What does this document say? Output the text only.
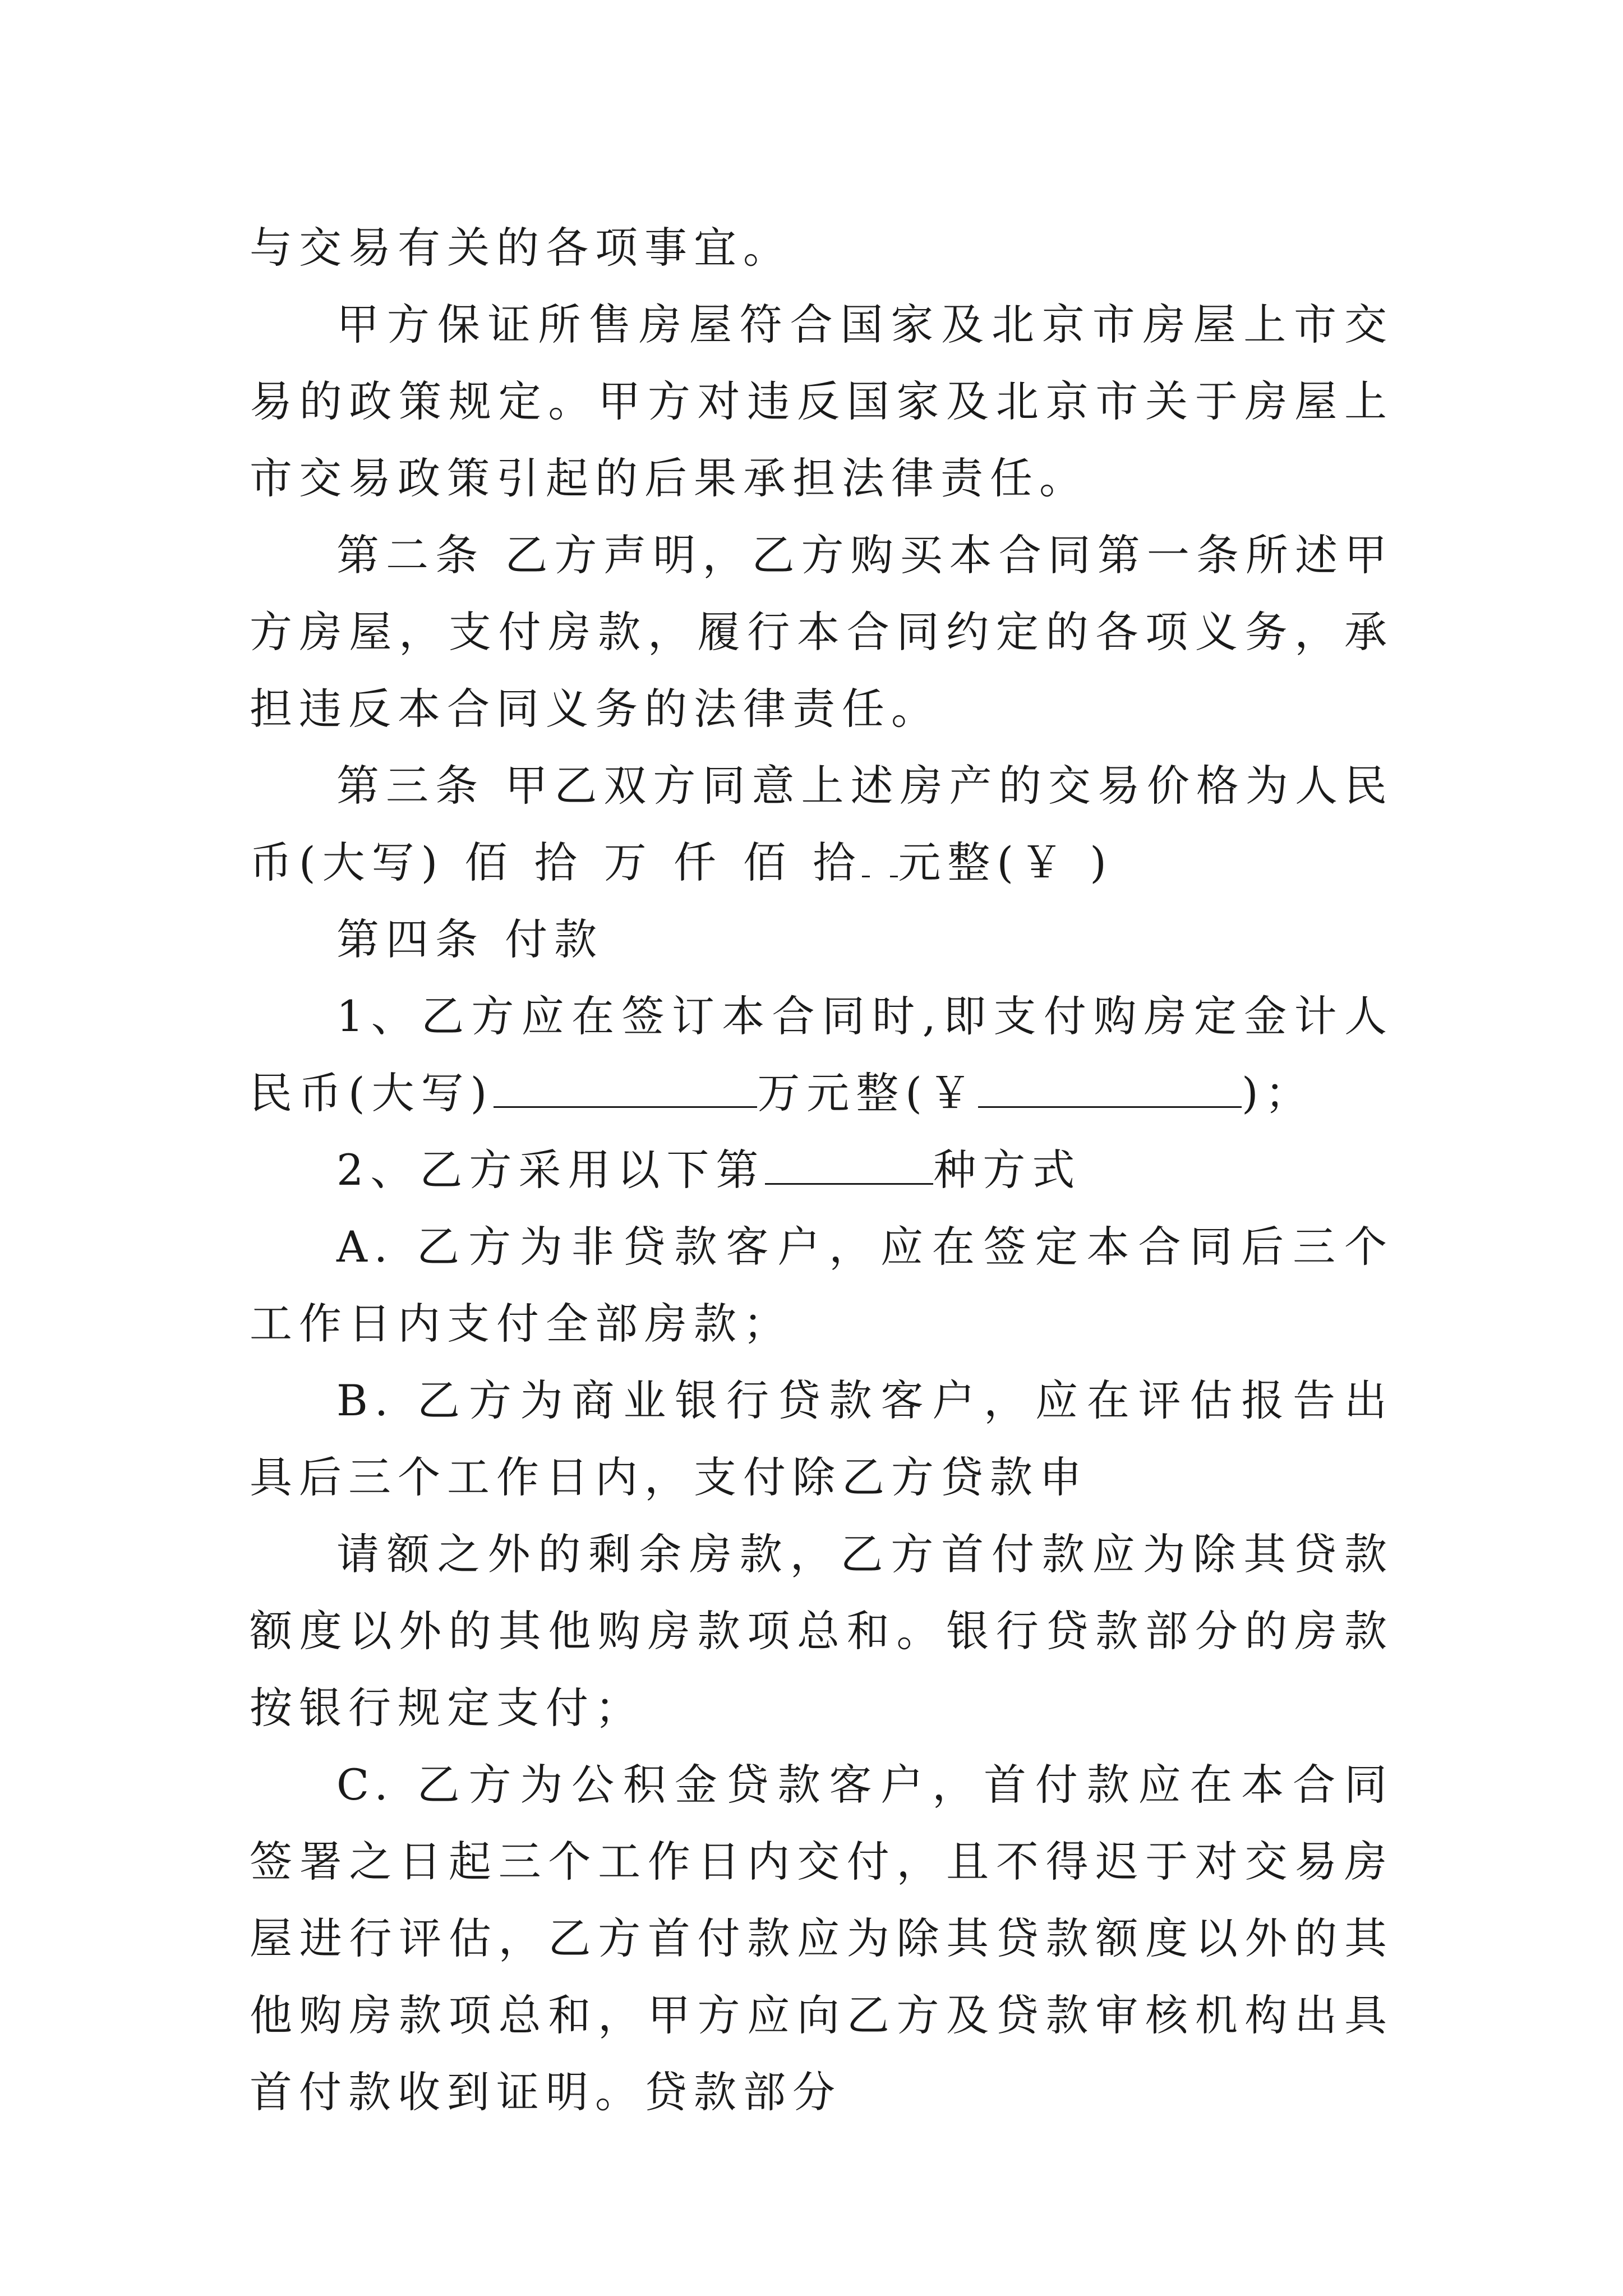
与交易有关的各项事宜。

甲方保证所售房屋符合国家及北京市房屋上市交易的政策规定。甲方对违反国家及北京市关于房屋上市交易政策引起的后果承担法律责任。

第二条 乙方声明，乙方购买本合同第一条所述甲方房屋，支付房款，履行本合同约定的各项义务，承担违反本合同义务的法律责任。

第三条 甲乙双方同意上述房产的交易价格为人民币(大写) 佰 拾 万 仟 佰 拾 元整(￥ )

第四条 付款

1、乙方应在签订本合同时,即支付购房定金计人民币(大写)	万元整(￥	)；

2、乙方采用以下第	种方式

A. 乙方为非贷款客户，应在签定本合同后三个工作日内支付全部房款；

B. 乙方为商业银行贷款客户，应在评估报告出具后三个工作日内，支付除乙方贷款申

请额之外的剩余房款，乙方首付款应为除其贷款额度以外的其他购房款项总和。银行贷款部分的房款按银行规定支付；

C. 乙方为公积金贷款客户，首付款应在本合同签署之日起三个工作日内交付，且不得迟于对交易房屋进行评估，乙方首付款应为除其贷款额度以外的其他购房款项总和，甲方应向乙方及贷款审核机构出具首付款收到证明。贷款部分
